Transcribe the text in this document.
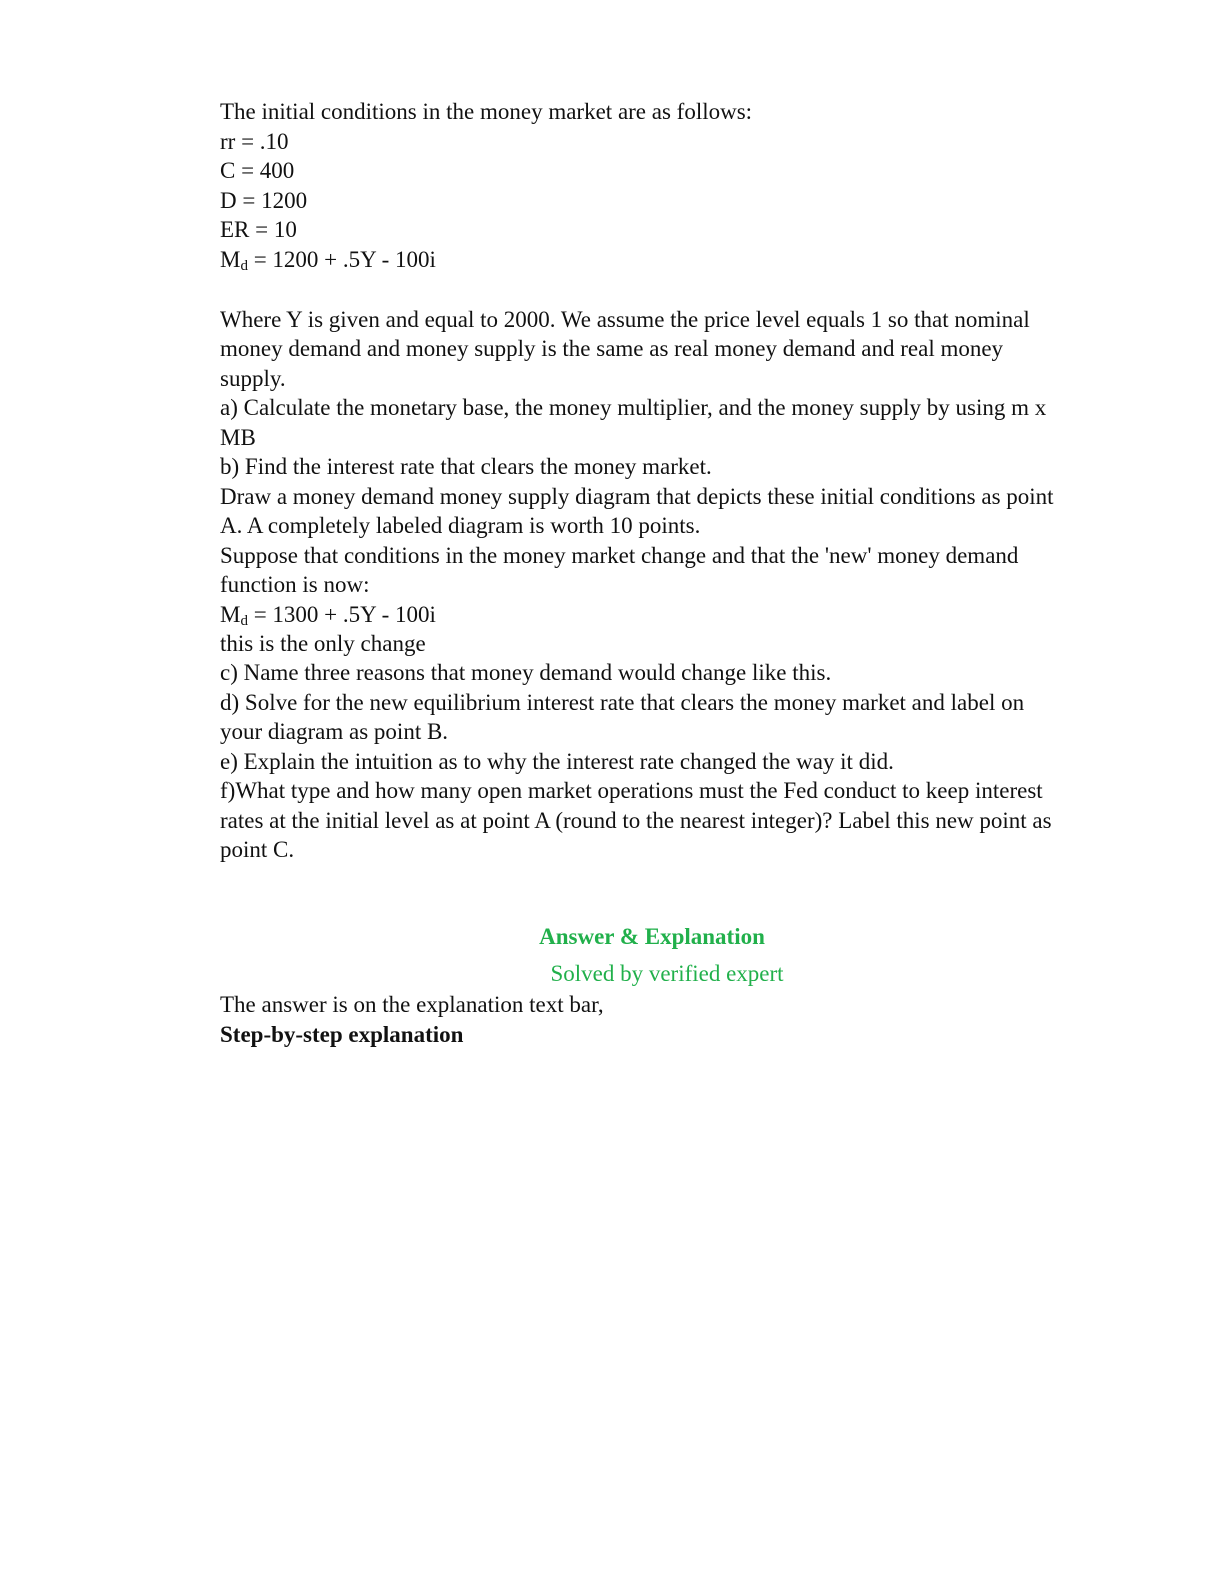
The initial conditions in the money market are as follows:
rr = .10
C = 400
D = 1200
ER = 10
Md = 1200 + .5Y - 100i
Where Y is given and equal to 2000. We assume the price level equals 1 so that nominal
money demand and money supply is the same as real money demand and real money
supply.
a) Calculate the monetary base, the money multiplier, and the money supply by using m x
MB
b) Find the interest rate that clears the money market.
Draw a money demand money supply diagram that depicts these initial conditions as point
A. A completely labeled diagram is worth 10 points.
Suppose that conditions in the money market change and that the 'new' money demand
function is now:
Md = 1300 + .5Y - 100i
this is the only change
c) Name three reasons that money demand would change like this.
d) Solve for the new equilibrium interest rate that clears the money market and label on
your diagram as point B.
e) Explain the intuition as to why the interest rate changed the way it did.
f)What type and how many open market operations must the Fed conduct to keep interest
rates at the initial level as at point A (round to the nearest integer)? Label this new point as
point C.
Answer & Explanation
Solved by verified expert
The answer is on the explanation text bar,
Step-by-step explanation
